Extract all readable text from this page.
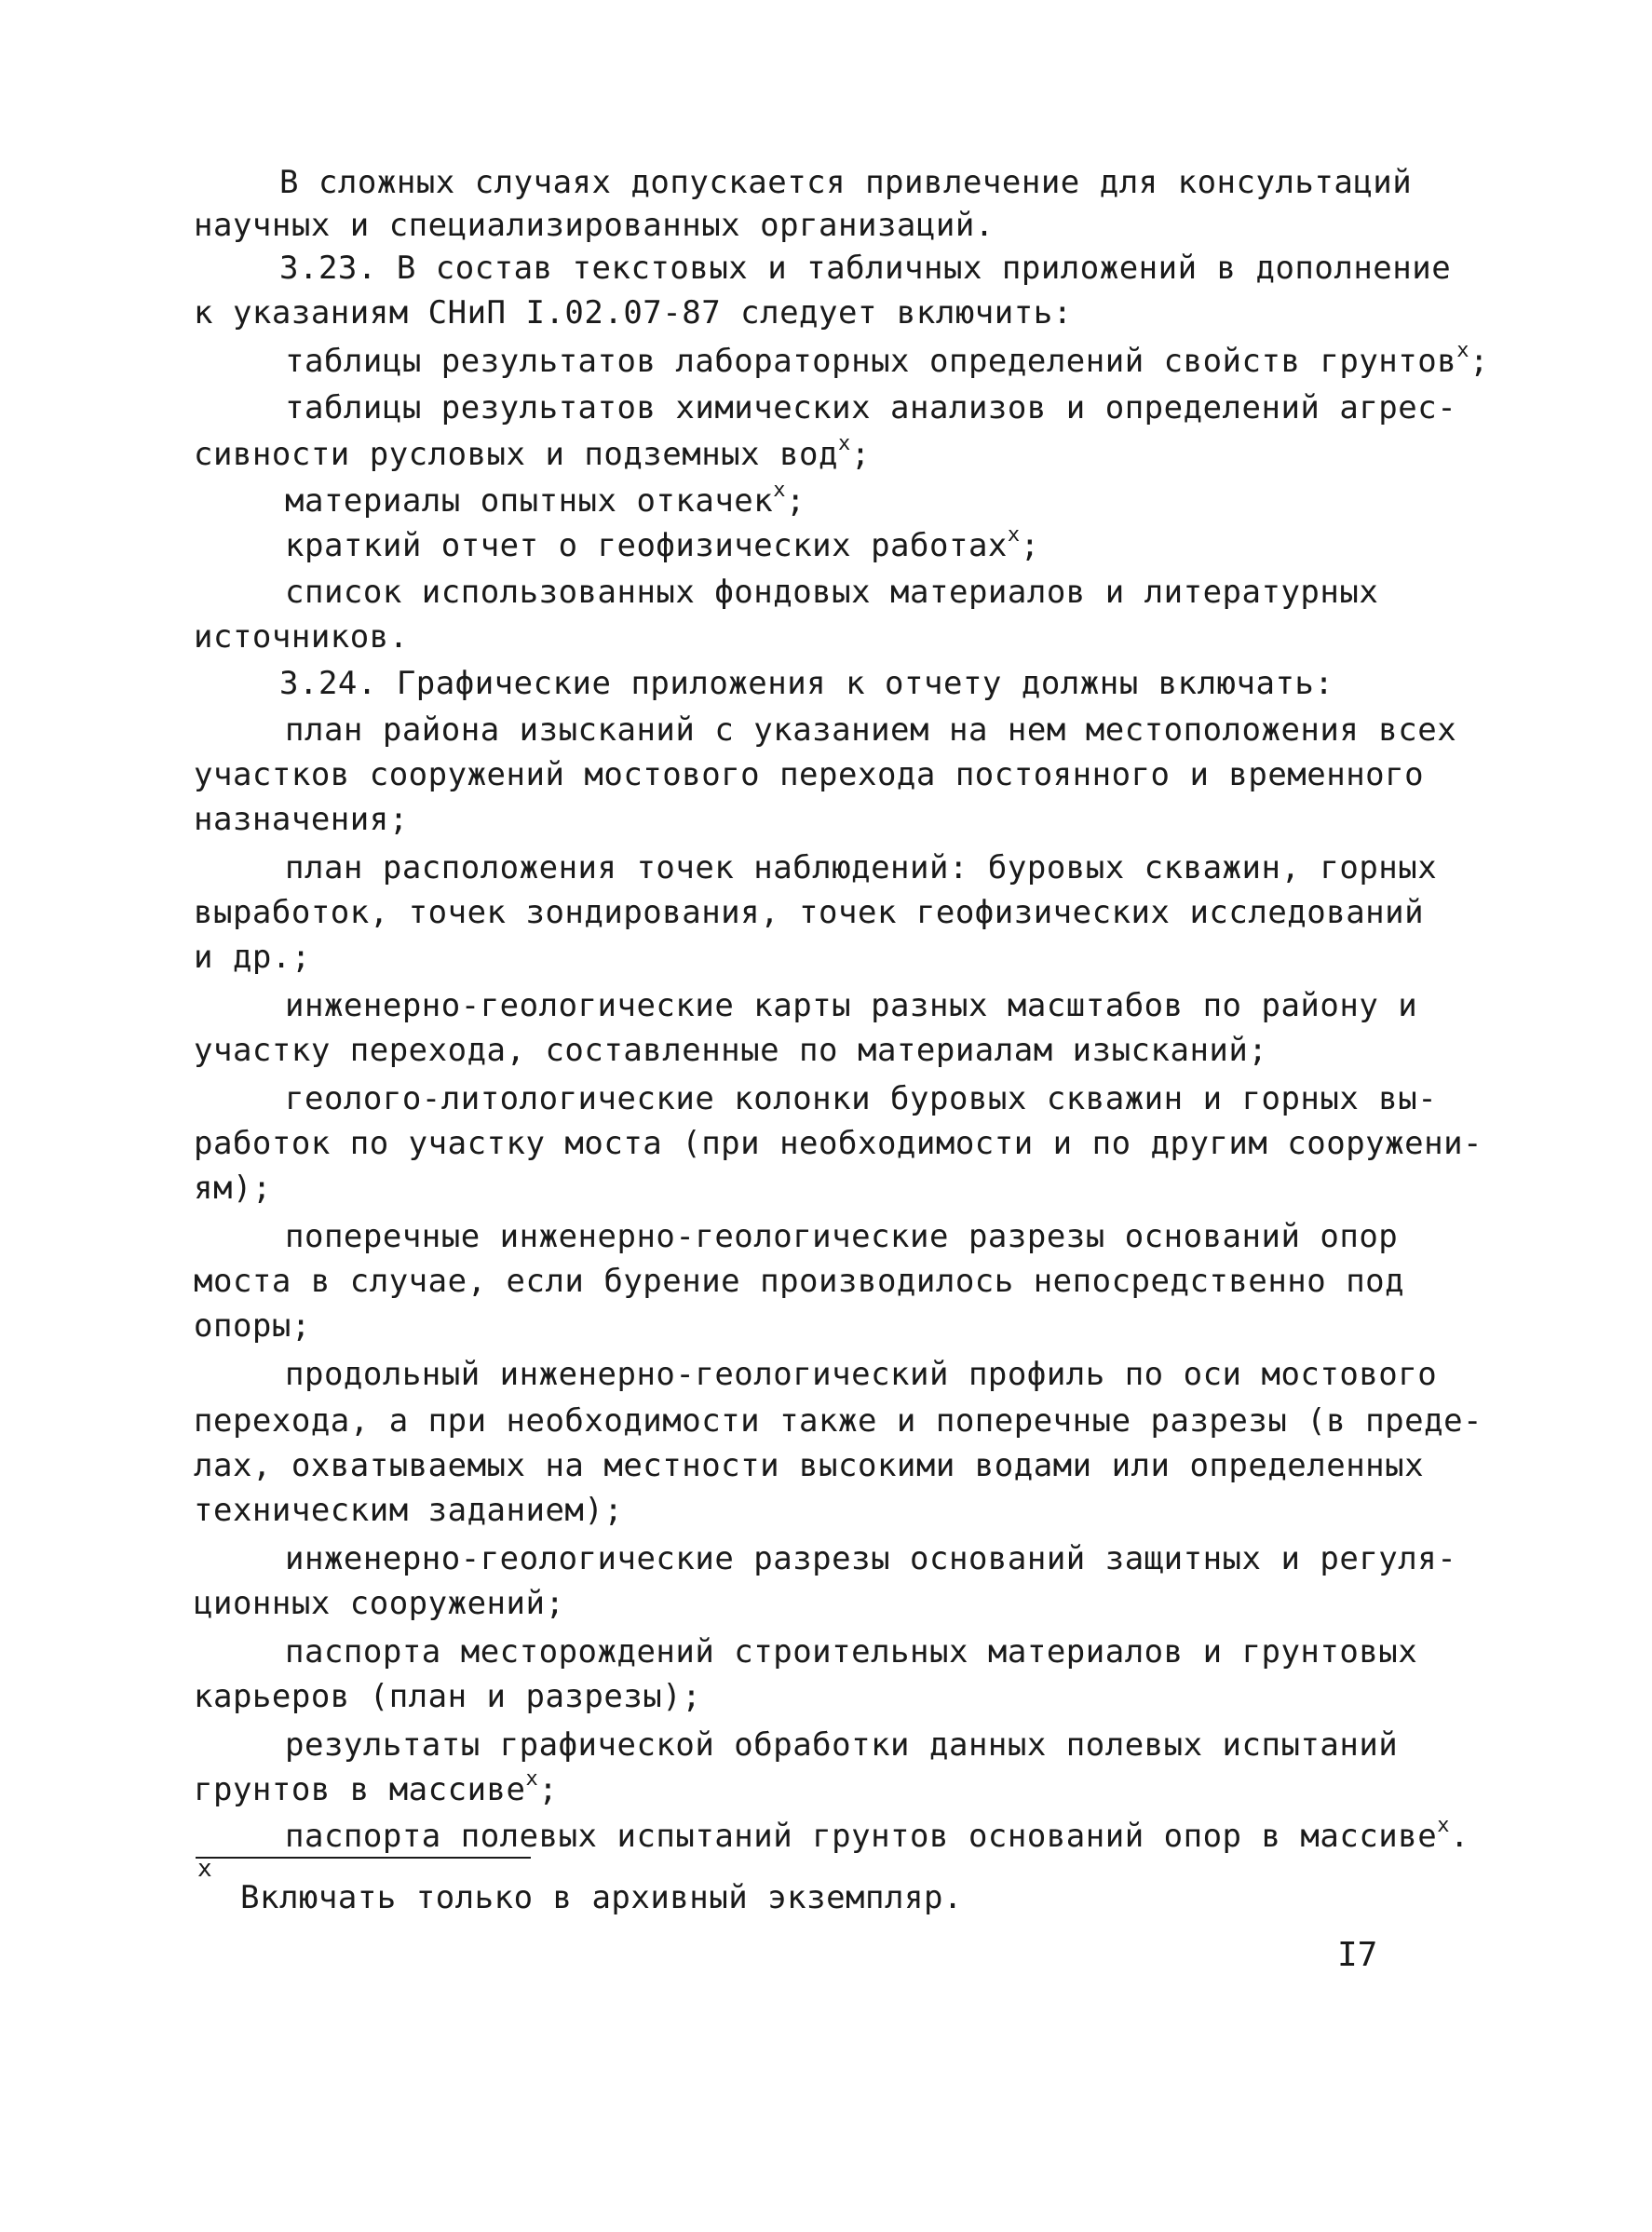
В сложных случаях допускается привлечение для консультаций
научных и специализированных организаций.
3.23. В состав текстовых и табличных приложений в дополнение
к указаниям СНиП I.02.07-87 следует включить:
таблицы результатов лабораторных определений свойств грунтов$^x$;
таблицы результатов химических анализов и определений агрес-
сивности русловых и подземных вод$^x$;
материалы опытных откачек$^x$;
краткий отчет о геофизических работах$^x$;
список использованных фондовых материалов и литературных
источников.
3.24. Графические приложения к отчету должны включать:
план района изысканий с указанием на нем местоположения всех
участков сооружений мостового перехода постоянного и временного
назначения;
план расположения точек наблюдений: буровых скважин, горных
выработок, точек зондирования, точек геофизических исследований
и др.;
инженерно-геологические карты разных масштабов по району и
участку перехода, составленные по материалам изысканий;
геолого-литологические колонки буровых скважин и горных вы-
работок по участку моста (при необходимости и по другим сооружени-
ям);
поперечные инженерно-геологические разрезы оснований опор
моста в случае, если бурение производилось непосредственно под
опоры;
продольный инженерно-геологический профиль по оси мостового
перехода, а при необходимости также и поперечные разрезы (в преде-
лах, охватываемых на местности высокими водами или определенных
техническим заданием);
инженерно-геологические разрезы оснований защитных и регуля-
ционных сооружений;
паспорта месторождений строительных материалов и грунтовых
карьеров (план и разрезы);
результаты графической обработки данных полевых испытаний
грунтов в массиве$^x$;
паспорта полевых испытаний грунтов оснований опор в массиве$^x$.
x
Включать только в архивный экземпляр.
I7
